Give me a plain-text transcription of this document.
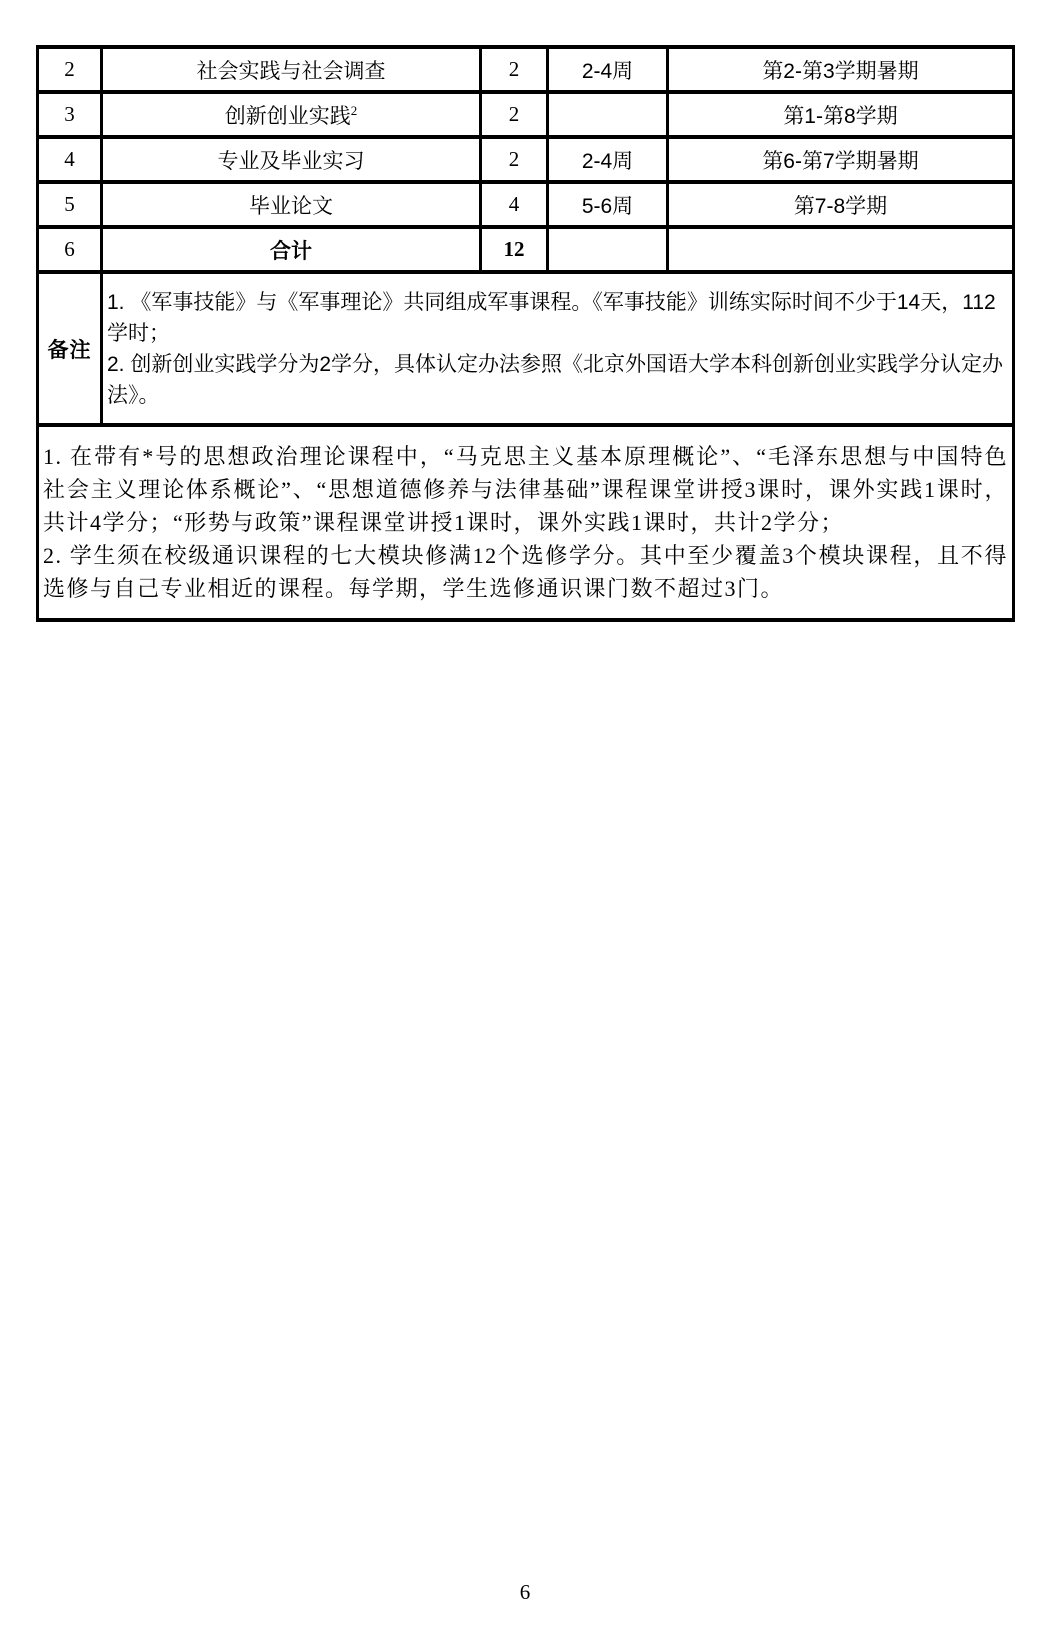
2	社会实践与社会调查	2	2-4周	第2-第3学期暑期
3	创新创业实践$^2$	2		第1-第8学期
4	专业及毕业实习	2	2-4周	第6-第7学期暑期
5	毕业论文	4	5-6周	第7-8学期
6	合计	12		
备注	1. 《军事技能》与《军事理论》共同组成军事课程。《军事技能》训练实际时间不少于14天，112学时；
2. 创新创业实践学分为2学分，具体认定办法参照《北京外国语大学本科创新创业实践学分认定办法》。			

1. 在带有*号的思想政治理论课程中，“马克思主义基本原理概论”、“毛泽东思想与中国特色社会主义理论体系概论”、“思想道德修养与法律基础”课程课堂讲授3课时，课外实践1课时，共计4学分；“形势与政策”课程课堂讲授1课时，课外实践1课时，共计2学分；
2. 学生须在校级通识课程的七大模块修满12个选修学分。其中至少覆盖3个模块课程，且不得选修与自己专业相近的课程。每学期，学生选修通识课门数不超过3门。				
6
